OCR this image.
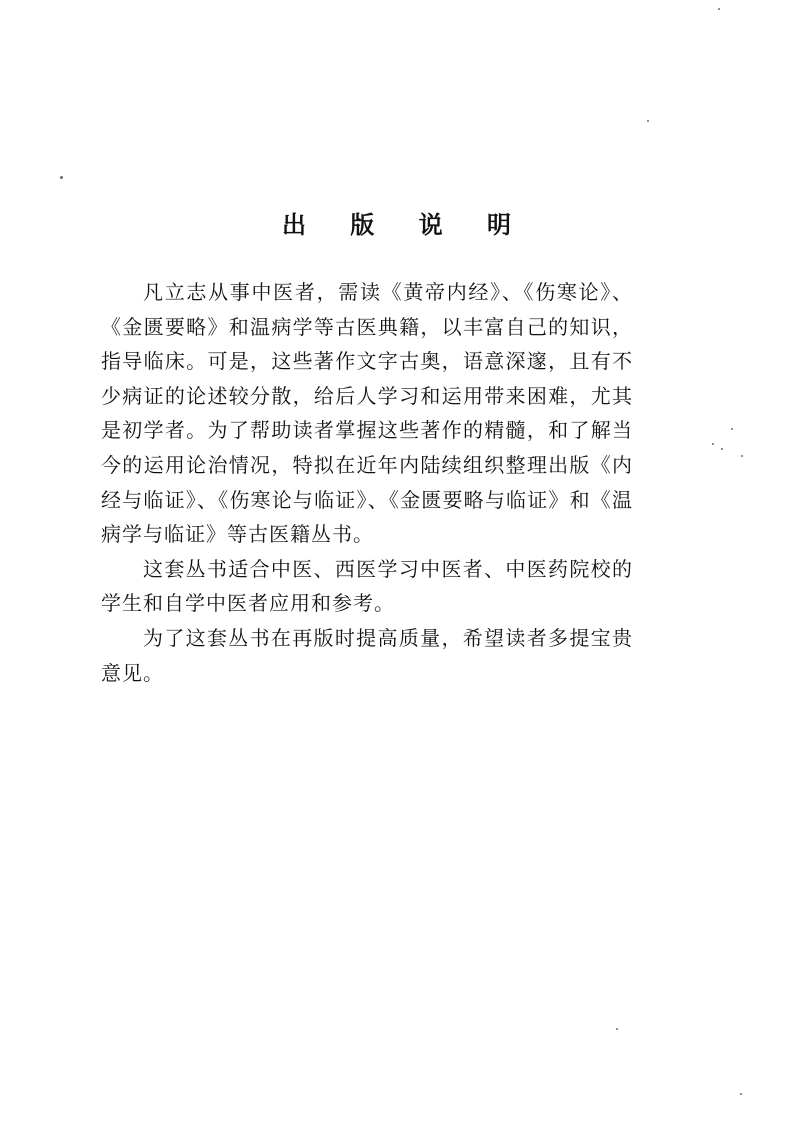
出 版 说 明

凡立志从事中医者，需读《黄帝内经》、《伤寒论》、《金匮要略》和温病学等古医典籍，以丰富自己的知识，指导临床。可是，这些著作文字古奥，语意深邃，且有不少病证的论述较分散，给后人学习和运用带来困难，尤其是初学者。为了帮助读者掌握这些著作的精髓，和了解当今的运用论治情况，特拟在近年内陆续组织整理出版《内经与临证》、《伤寒论与临证》、《金匮要略与临证》和《温病学与临证》等古医籍丛书。

这套丛书适合中医、西医学习中医者、中医药院校的学生和自学中医者应用和参考。

为了这套丛书在再版时提高质量，希望读者多提宝贵意见。
